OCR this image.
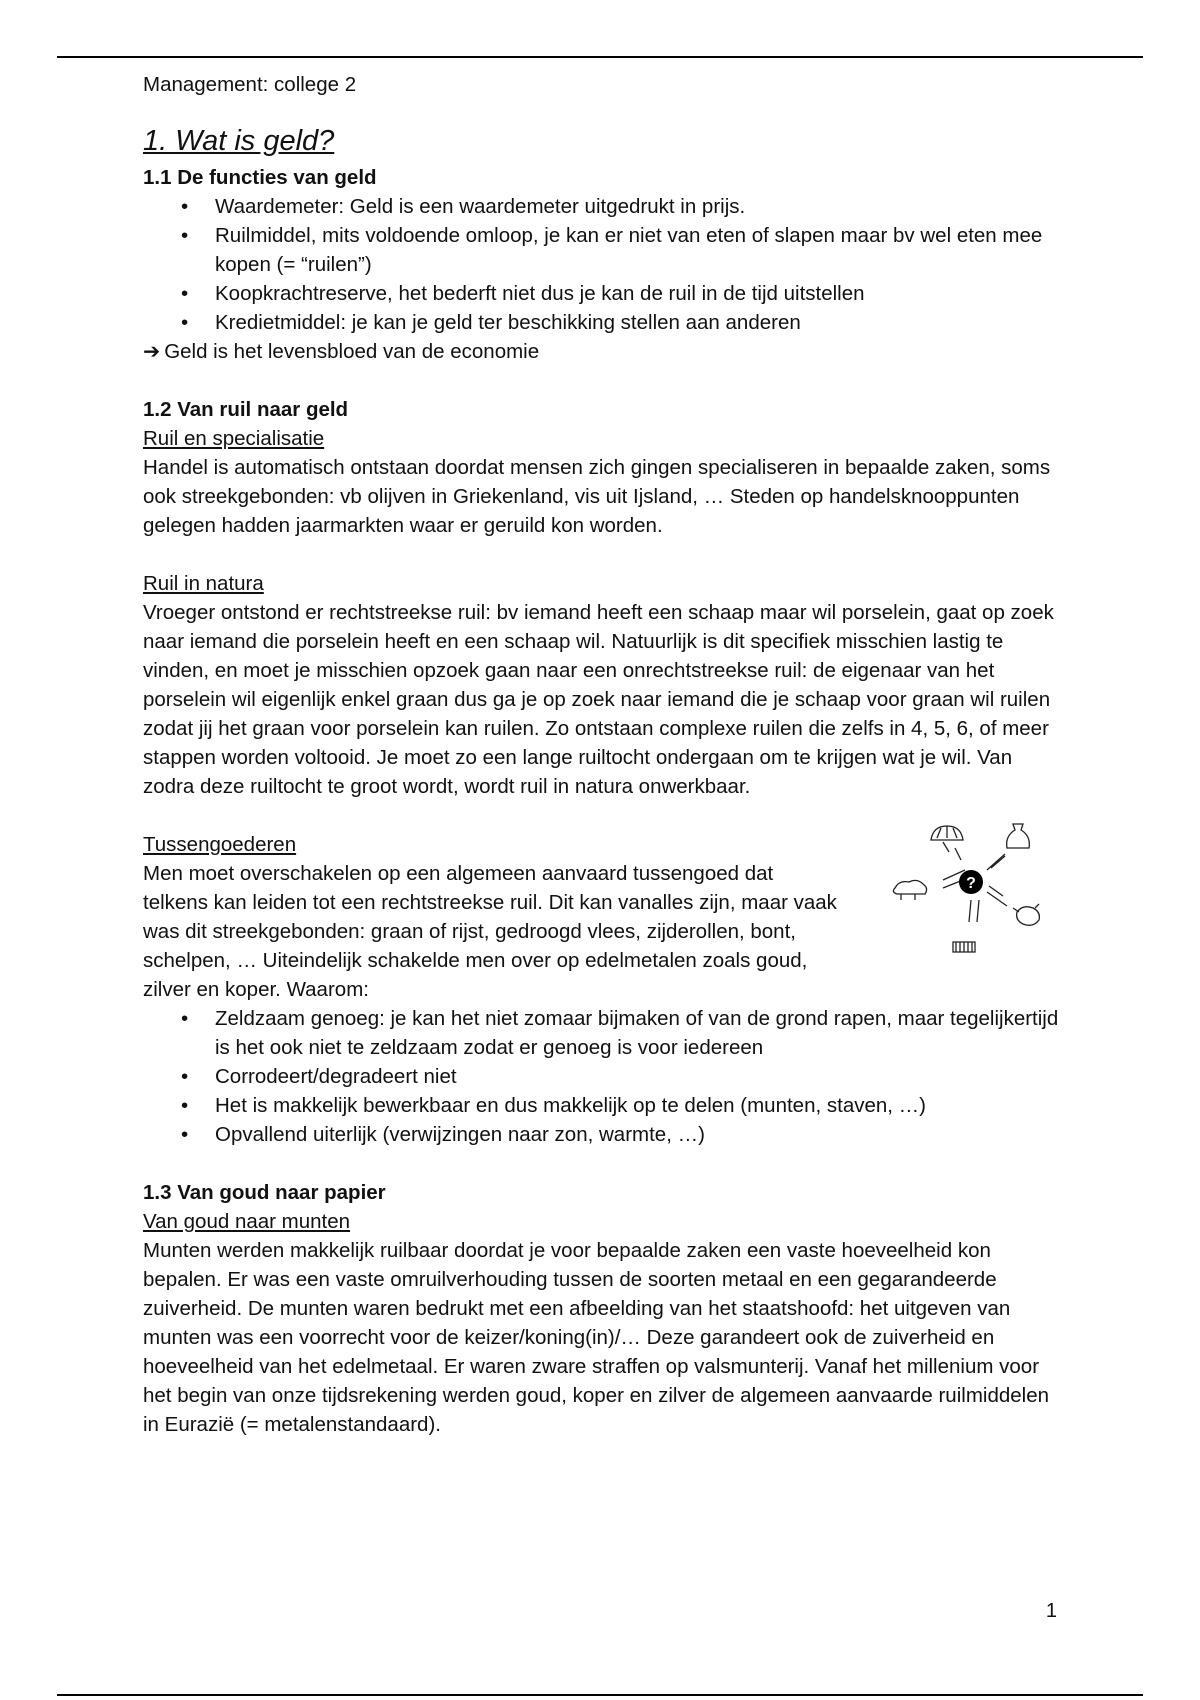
Management: college 2

1. Wat is geld?

1.1 De functies van geld

• Waardemeter: Geld is een waardemeter uitgedrukt in prijs.
• Ruilmiddel, mits voldoende omloop, je kan er niet van eten of slapen maar bv wel eten mee kopen (= “ruilen”)
• Koopkrachtreserve, het bederft niet dus je kan de ruil in de tijd uitstellen
• Kredietmiddel: je kan je geld ter beschikking stellen aan anderen

➔ Geld is het levensbloed van de economie

1.2 Van ruil naar geld

Ruil en specialisatie

Handel is automatisch ontstaan doordat mensen zich gingen specialiseren in bepaalde zaken, soms ook streekgebonden: vb olijven in Griekenland, vis uit Ijsland, … Steden op handelsknooppunten gelegen hadden jaarmarkten waar er geruild kon worden.

Ruil in natura

Vroeger ontstond er rechtstreekse ruil: bv iemand heeft een schaap maar wil porselein, gaat op zoek naar iemand die porselein heeft en een schaap wil. Natuurlijk is dit specifiek misschien lastig te vinden, en moet je misschien opzoek gaan naar een onrechtstreekse ruil: de eigenaar van het porselein wil eigenlijk enkel graan dus ga je op zoek naar iemand die je schaap voor graan wil ruilen zodat jij het graan voor porselein kan ruilen. Zo ontstaan complexe ruilen die zelfs in 4, 5, 6, of meer stappen worden voltooid. Je moet zo een lange ruiltocht ondergaan om te krijgen wat je wil. Van zodra deze ruiltocht te groot wordt, wordt ruil in natura onwerkbaar.

Tussengoederen

Men moet overschakelen op een algemeen aanvaard tussengoed dat telkens kan leiden tot een rechtstreekse ruil. Dit kan vanalles zijn, maar vaak was dit streekgebonden: graan of rijst, gedroogd vlees, zijderollen, bont, schelpen, … Uiteindelijk schakelde men over op edelmetalen zoals goud, zilver en koper. Waarom:

?
• Zeldzaam genoeg: je kan het niet zomaar bijmaken of van de grond rapen, maar tegelijkertijd is het ook niet te zeldzaam zodat er genoeg is voor iedereen
• Corrodeert/degradeert niet
• Het is makkelijk bewerkbaar en dus makkelijk op te delen (munten, staven, …)
• Opvallend uiterlijk (verwijzingen naar zon, warmte, …)

1.3 Van goud naar papier

Van goud naar munten

Munten werden makkelijk ruilbaar doordat je voor bepaalde zaken een vaste hoeveelheid kon bepalen. Er was een vaste omruilverhouding tussen de soorten metaal en een gegarandeerde zuiverheid. De munten waren bedrukt met een afbeelding van het staatshoofd: het uitgeven van munten was een voorrecht voor de keizer/koning(in)/… Deze garandeert ook de zuiverheid en hoeveelheid van het edelmetaal. Er waren zware straffen op valsmunterij. Vanaf het millenium voor het begin van onze tijdsrekening werden goud, koper en zilver de algemeen aanvaarde ruilmiddelen in Eurazië (= metalenstandaard).

1
